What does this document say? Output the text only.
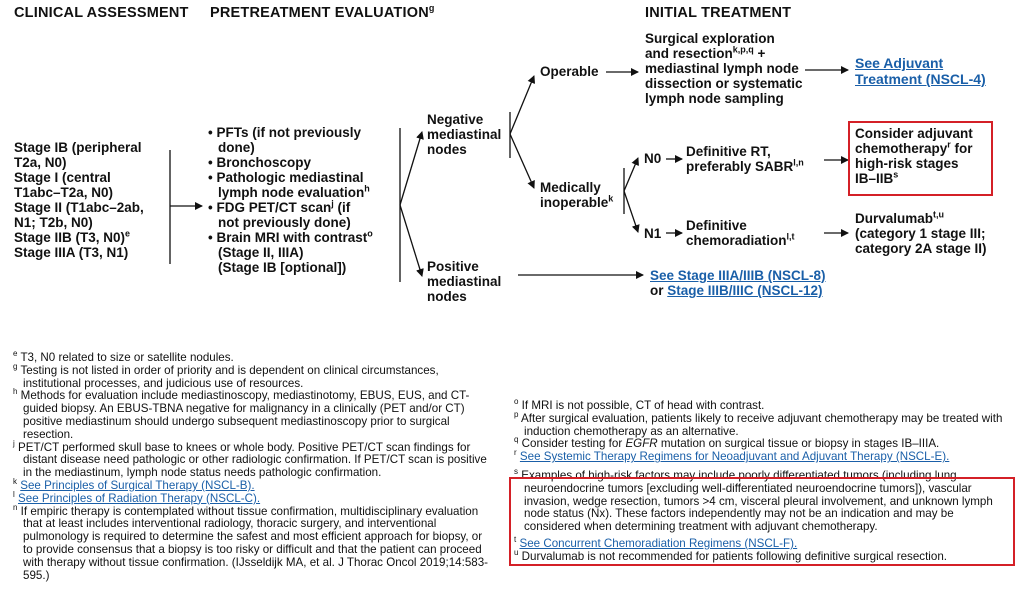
CLINICAL ASSESSMENT PRETREATMENT EVALUATION$^g$	INITIAL TREATMENT
Stage IB (peripheral
T2a, N0)
Stage I (central
T1abc–T2a, N0)
Stage II (T1abc–2ab,
N1; T2b, N0)
Stage IIB (T3, N0)$^e$
Stage IIIA (T3, N1)
• PFTs (if not previously
done)
• Bronchoscopy
• Pathologic mediastinal
lymph node evaluation$^h$
• FDG PET/CT scan$^j$ (if
not previously done)
• Brain MRI with contrast$^o$
(Stage II, IIIA)
(Stage IB [optional])
Negative
mediastinal
nodes
Positive
mediastinal
nodes
Operable
Medically
inoperable$^k$
N0
N1
Surgical exploration
and resection$^{k,p,q}$ +
mediastinal lymph node
dissection or systematic
lymph node sampling
Definitive RT,
preferably SABR$^{l,n}$
Definitive
chemoradiation$^{l,t}$
See Adjuvant
Treatment (NSCL-4)
Consider adjuvant
chemotherapy$^r$ for
high-risk stages
IB–IIB$^s$
Durvalumab$^{t,u}$
(category 1 stage III;
category 2A stage II)
See Stage IIIA/IIIB (NSCL-8)
or Stage IIIB/IIIC (NSCL-12)

$^e$ T3, N0 related to size or satellite nodules.

$^g$ Testing is not listed in order of priority and is dependent on clinical circumstances, institutional processes, and judicious use of resources.

$^h$ Methods for evaluation include mediastinoscopy, mediastinotomy, EBUS, EUS, and CT-guided biopsy. An EBUS-TBNA negative for malignancy in a clinically (PET and/or CT) positive mediastinum should undergo subsequent mediastinoscopy prior to surgical resection.

$^j$ PET/CT performed skull base to knees or whole body. Positive PET/CT scan findings for distant disease need pathologic or other radiologic confirmation. If PET/CT scan is positive in the mediastinum, lymph node status needs pathologic confirmation.

$^k$ See Principles of Surgical Therapy (NSCL-B).

$^l$ See Principles of Radiation Therapy (NSCL-C).

$^n$ If empiric therapy is contemplated without tissue confirmation, multidisciplinary evaluation that at least includes interventional radiology, thoracic surgery, and interventional pulmonology is required to determine the safest and most efficient approach for biopsy, or to provide consensus that a biopsy is too risky or difficult and that the patient can proceed with therapy without tissue confirmation. (IJsseldijk MA, et al. J Thorac Oncol 2019;14:583-595.)

$^o$ If MRI is not possible, CT of head with contrast.

$^p$ After surgical evaluation, patients likely to receive adjuvant chemotherapy may be treated with induction chemotherapy as an alternative.

$^q$ Consider testing for EGFR mutation on surgical tissue or biopsy in stages IB–IIIA.

$^r$ See Systemic Therapy Regimens for Neoadjuvant and Adjuvant Therapy (NSCL-E).

$^s$ Examples of high-risk factors may include poorly differentiated tumors (including lung neuroendocrine tumors [excluding well-differentiated neuroendocrine tumors]), vascular invasion, wedge resection, tumors >4 cm, visceral pleural involvement, and unknown lymph node status (Nx). These factors independently may not be an indication and may be considered when determining treatment with adjuvant chemotherapy.

$^t$ See Concurrent Chemoradiation Regimens (NSCL-F).

$^u$ Durvalumab is not recommended for patients following definitive surgical resection.
